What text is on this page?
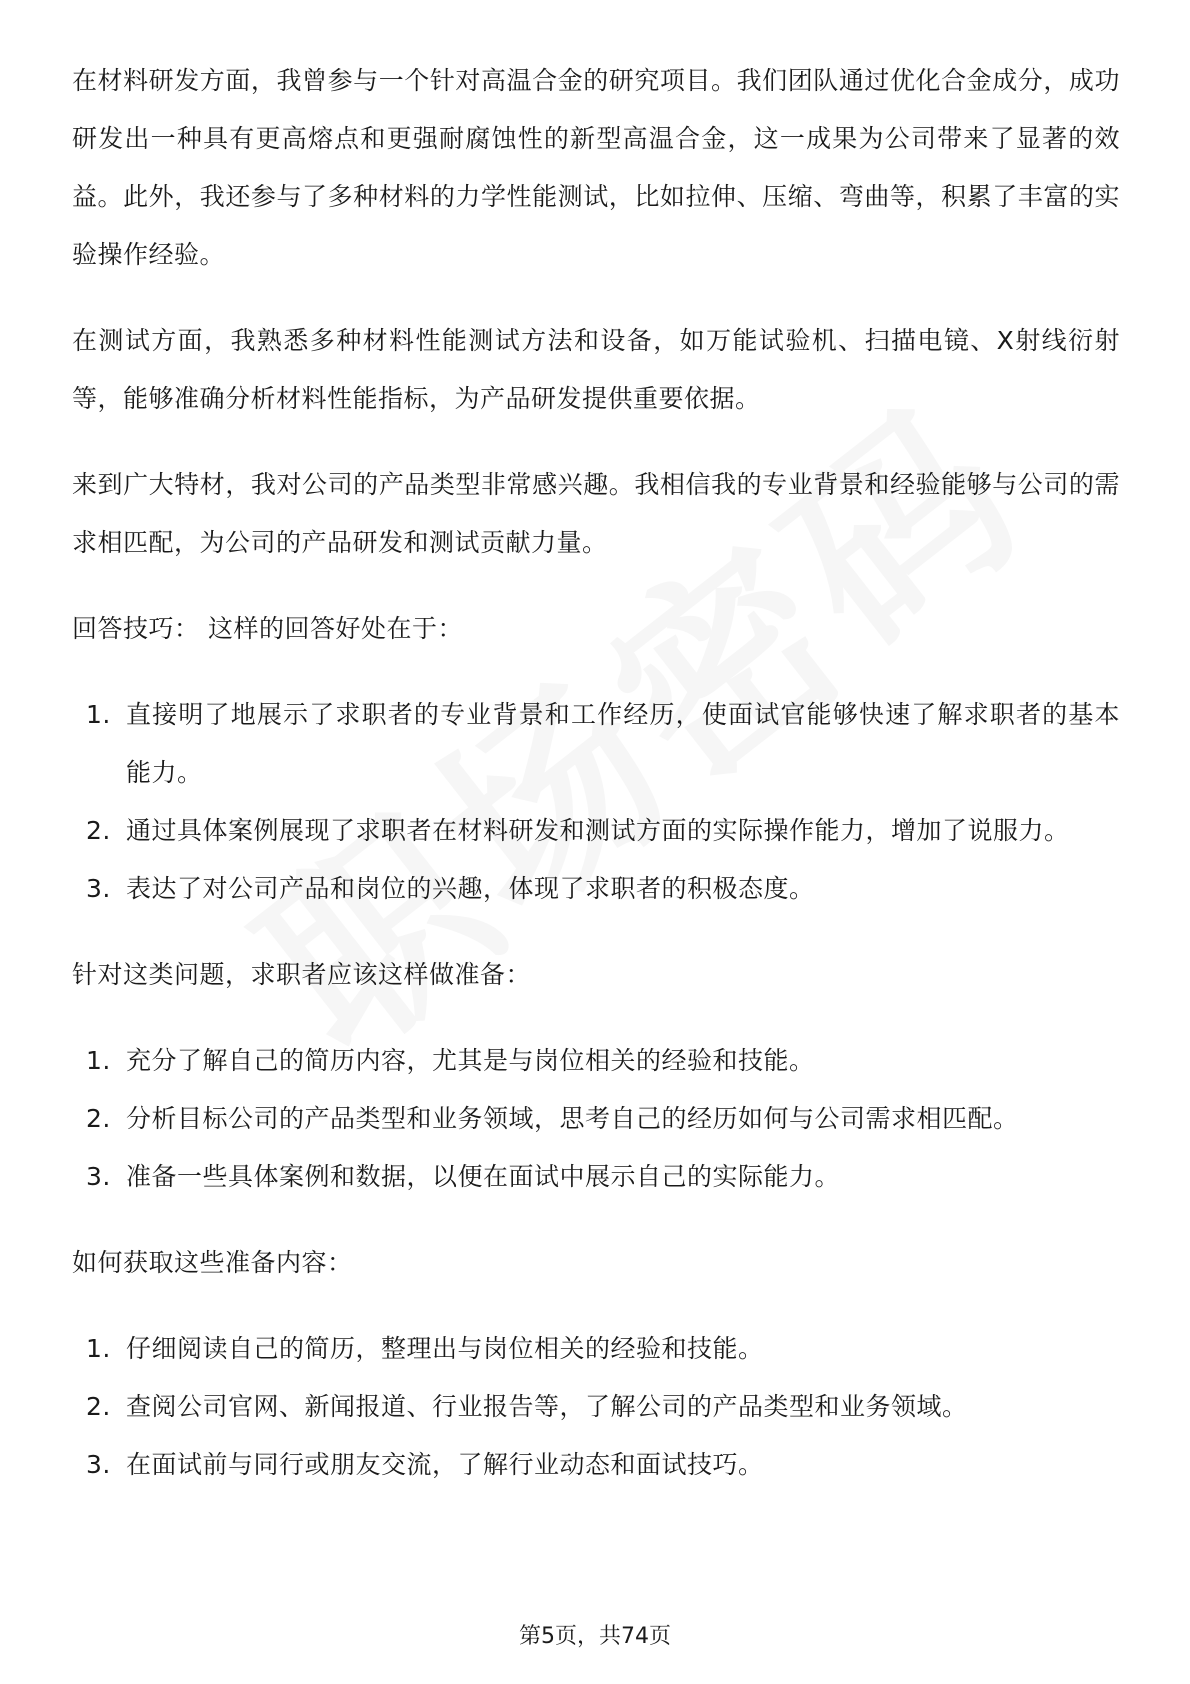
在材料研发方面，我曾参与一个针对高温合金的研究项目。我们团队通过优化合金成分，成功研发出一种具有更高熔点和更强耐腐蚀性的新型高温合金，这一成果为公司带来了显著的效益。此外，我还参与了多种材料的力学性能测试，比如拉伸、压缩、弯曲等，积累了丰富的实验操作经验。

在测试方面，我熟悉多种材料性能测试方法和设备，如万能试验机、扫描电镜、X射线衍射等，能够准确分析材料性能指标，为产品研发提供重要依据。

来到广大特材，我对公司的产品类型非常感兴趣。我相信我的专业背景和经验能够与公司的需求相匹配，为公司的产品研发和测试贡献力量。

回答技巧： 这样的回答好处在于：

1. 直接明了地展示了求职者的专业背景和工作经历，使面试官能够快速了解求职者的基本能力。
2. 通过具体案例展现了求职者在材料研发和测试方面的实际操作能力，增加了说服力。
3. 表达了对公司产品和岗位的兴趣，体现了求职者的积极态度。

针对这类问题，求职者应该这样做准备：

1. 充分了解自己的简历内容，尤其是与岗位相关的经验和技能。
2. 分析目标公司的产品类型和业务领域，思考自己的经历如何与公司需求相匹配。
3. 准备一些具体案例和数据，以便在面试中展示自己的实际能力。

如何获取这些准备内容：

1. 仔细阅读自己的简历，整理出与岗位相关的经验和技能。
2. 查阅公司官网、新闻报道、行业报告等，了解公司的产品类型和业务领域。
3. 在面试前与同行或朋友交流，了解行业动态和面试技巧。
第5页，共74页
